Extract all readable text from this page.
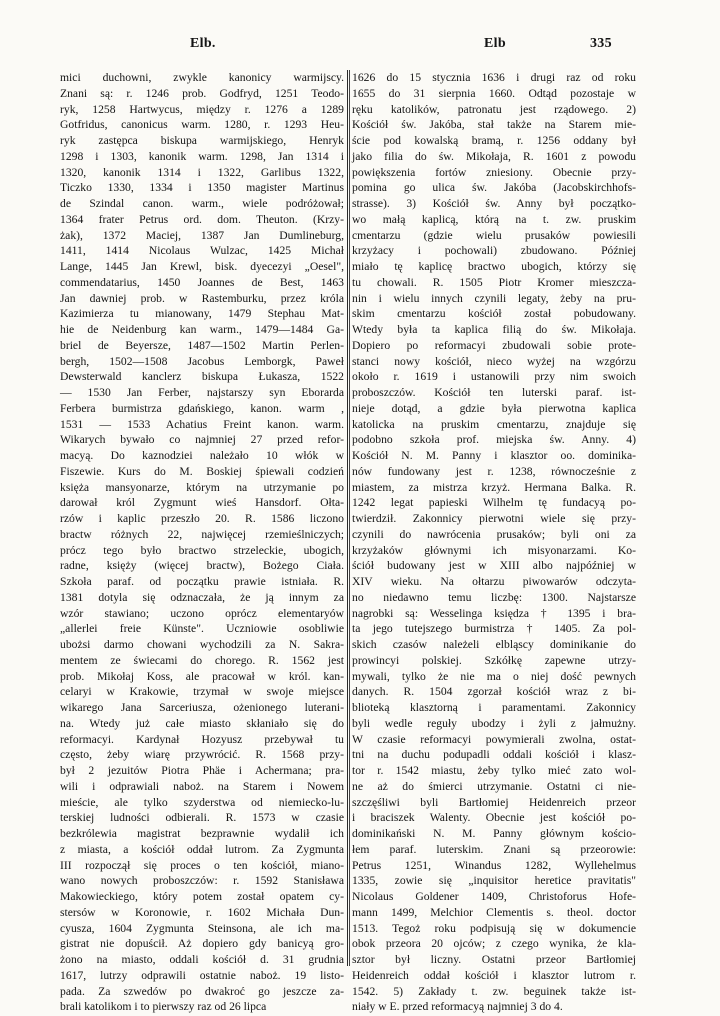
Elb.	Elb	335
mici duchowni, zwykle kanonicy warmijscy.
Znani są: r. 1246 prob. Godfryd, 1251 Teodo-
ryk, 1258 Hartwycus, między r. 1276 a 1289
Gotfridus, canonicus warm. 1280, r. 1293 Heu-
ryk zastępca biskupa warmijskiego, Henryk
1298 i 1303, kanonik warm. 1298, Jan 1314 i
1320, kanonik 1314 i 1322, Garlibus 1322,
Ticzko 1330, 1334 i 1350 magister Martinus
de Szindal canon. warm., wiele podróżował;
1364 frater Petrus ord. dom. Theuton. (Krzy-
żak), 1372 Maciej, 1387 Jan Dumlineburg,
1411, 1414 Nicolaus Wulzac, 1425 Michał
Lange, 1445 Jan Krewl, bisk. dyecezyi „Oesel",
commendatarius, 1450 Joannes de Best, 1463
Jan dawniej prob. w Rastemburku, przez króla
Kazimierza tu mianowany, 1479 Stephau Mat-
hie de Neidenburg kan warm., 1479—1484 Ga-
briel de Beyersze, 1487—1502 Martin Perlen-
bergh, 1502—1508 Jacobus Lemborgk, Paweł
Dewsterwald kanclerz biskupa Łukasza, 1522
— 1530 Jan Ferber, najstarszy syn Eborarda
Ferbera burmistrza gdańskiego, kanon. warm ,
1531 — 1533 Achatius Freint kanon. warm.
Wikarych bywało co najmniej 27 przed refor-
macyą. Do kaznodziei należało 10 włók w
Fiszewie. Kurs do M. Boskiej śpiewali codzień
księża mansyonarze, którym na utrzymanie po
darował król Zygmunt wieś Hansdorf. Ołta-
rzów i kaplic przeszło 20. R. 1586 liczono
bractw różnych 22, najwięcej rzemieślniczych;
prócz tego było bractwo strzeleckie, ubogich,
radne, księży (więcej bractw), Bożego Ciała.
Szkoła paraf. od początku prawie istniała. R.
1381 dotyla się odznaczała, że ją innym za
wzór stawiano; uczono oprócz elementaryów
„allerlei freie Künste". Uczniowie osobliwie
ubożsi darmo chowani wychodzili za N. Sakra-
mentem ze świecami do chorego. R. 1562 jest
prob. Mikołaj Koss, ale pracował w król. kan-
celaryi w Krakowie, trzymał w swoje miejsce
wikarego Jana Sarceriusza, ożenionego luterani-
na. Wtedy już całe miasto skłaniało się do
reformacyi. Kardynał Hozyusz przebywał tu
często, żeby wiarę przywrócić. R. 1568 przy-
był 2 jezuitów Piotra Phäe i Achermana; pra-
wili i odprawiali naboż. na Starem i Nowem
mieście, ale tylko szyderstwa od niemiecko-lu-
terskiej ludności odbierali. R. 1573 w czasie
bezkrólewia magistrat bezprawnie wydalił ich
z miasta, a kościół oddał lutrom. Za Zygmunta
III rozpoczął się proces o ten kościół, miano-
wano nowych proboszczów: r. 1592 Stanisława
Makowieckiego, który potem został opatem cy-
stersów w Koronowie, r. 1602 Michała Dun-
cyusza, 1604 Zygmunta Steinsona, ale ich ma-
gistrat nie dopuścił. Aż dopiero gdy banicyą gro-
żono na miasto, oddali kościół d. 31 grudnia
1617, lutrzy odprawili ostatnie naboż. 19 listo-
pada. Za szwedów po dwakroć go jeszcze za-
brali katolikom i to pierwszy raz od 26 lipca
1626 do 15 stycznia 1636 i drugi raz od roku
1655 do 31 sierpnia 1660. Odtąd pozostaje w
ręku katolików, patronatu jest rządowego. 2)
Kościół św. Jakóba, stał także na Starem mie-
ście pod kowalską bramą, r. 1256 oddany był
jako filia do św. Mikołaja, R. 1601 z powodu
powiększenia fortów zniesiony. Obecnie przy-
pomina go ulica św. Jakóba (Jacobskirchhofs-
strasse). 3) Kościół św. Anny był początko-
wo małą kaplicą, którą na t. zw. pruskim
cmentarzu (gdzie wielu prusaków powiesili
krzyżacy i pochowali) zbudowano. Później
miało tę kaplicę bractwo ubogich, którzy się
tu chowali. R. 1505 Piotr Kromer mieszcza-
nin i wielu innych czynili legaty, żeby na pru-
skim cmentarzu kościół został pobudowany.
Wtedy była ta kaplica filią do św. Mikołaja.
Dopiero po reformacyi zbudowali sobie prote-
stanci nowy kościół, nieco wyżej na wzgórzu
około r. 1619 i ustanowili przy nim swoich
proboszczów. Kościół ten luterski paraf. ist-
nieje dotąd, a gdzie była pierwotna kaplica
katolicka na pruskim cmentarzu, znajduje się
podobno szkoła prof. miejska św. Anny. 4)
Kościół N. M. Panny i klasztor oo. dominika-
nów fundowany jest r. 1238, równocześnie z
miastem, za mistrza krzyż. Hermana Balka. R.
1242 legat papieski Wilhelm tę fundacyą po-
twierdził. Zakonnicy pierwotni wiele się przy-
czynili do nawrócenia prusaków; byli oni za
krzyżaków głównymi ich misyonarzami. Ko-
ściół budowany jest w XIII albo najpóźniej w
XIV wieku. Na ołtarzu piwowarów odczyta-
no niedawno temu liczbę: 1300. Najstarsze
nagrobki są: Wesselinga księdza † 1395 i bra-
ta jego tutejszego burmistrza † 1405. Za pol-
skich czasów należeli elbląscy dominikanie do
prowincyi polskiej. Szkółkę zapewne utrzy-
mywali, tylko że nie ma o niej dość pewnych
danych. R. 1504 zgorzał kościół wraz z bi-
blioteką klasztorną i paramentami. Zakonnicy
byli wedle reguły ubodzy i żyli z jałmużny.
W czasie reformacyi powymierali zwolna, ostat-
tni na duchu podupadli oddali kościół i klasz-
tor r. 1542 miastu, żeby tylko mieć zato wol-
ne aż do śmierci utrzymanie. Ostatni ci nie-
szczęśliwi byli Bartłomiej Heidenreich przeor
i braciszek Walenty. Obecnie jest kościół po-
dominikański N. M. Panny głównym kościo-
łem paraf. luterskim. Znani są przeorowie:
Petrus 1251, Winandus 1282, Wyllehelmus
1335, zowie się „inquisitor heretice pravitatis"
Nicolaus Goldener 1409, Christoforus Hofe-
mann 1499, Melchior Clementis s. theol. doctor
1513. Tegoż roku podpisują się w dokumencie
obok przeora 20 ojców; z czego wynika, że kla-
sztor był liczny. Ostatni przeor Bartłomiej
Heidenreich oddał kościół i klasztor lutrom r.
1542. 5) Zakłady t. zw. beguinek także ist-
niały w E. przed reformacyą najmniej 3 do 4.
